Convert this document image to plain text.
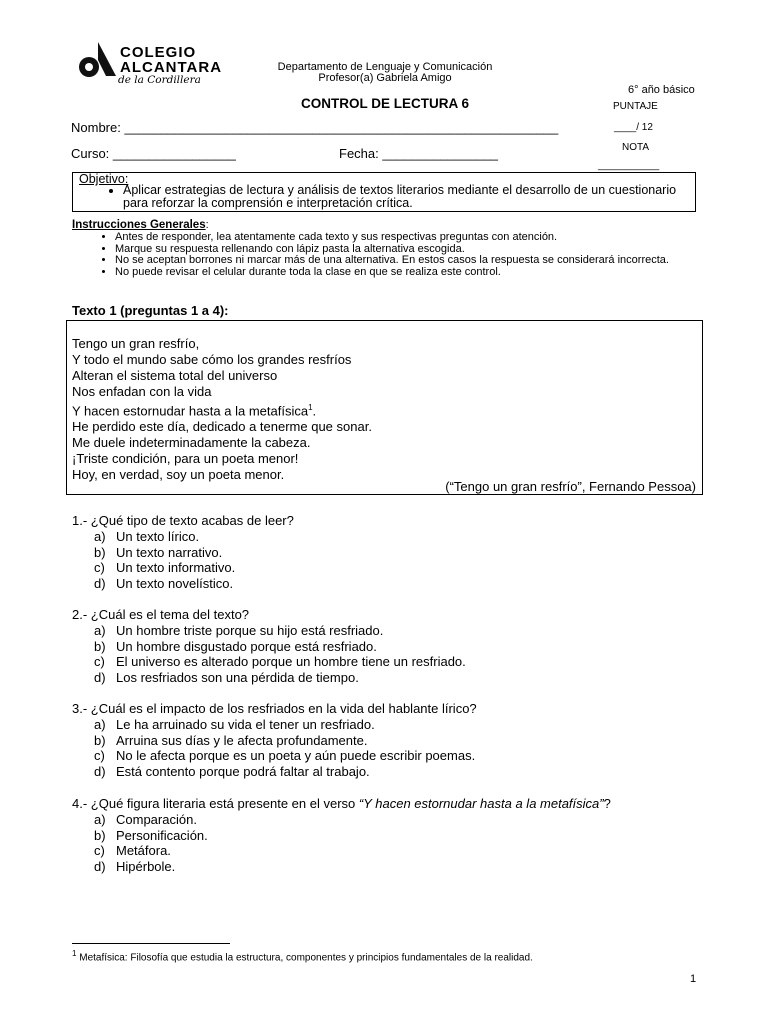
COLEGIO
ALCANTARA
de la Cordillera
Departamento de Lenguaje y Comunicación
Profesor(a) Gabriela Amigo
CONTROL DE LECTURA 6
6° año básico
PUNTAJE
____/ 12
NOTA
___________
Nombre: ____________________________________________________________
Curso: _________________	Fecha: ________________
Objetivo:
• Aplicar estrategias de lectura y análisis de textos literarios mediante el desarrollo de un cuestionario para reforzar la comprensión e interpretación crítica.
Instrucciones Generales:
• Antes de responder, lea atentamente cada texto y sus respectivas preguntas con atención.
• Marque su respuesta rellenando con lápiz pasta la alternativa escogida.
• No se aceptan borrones ni marcar más de una alternativa. En estos casos la respuesta se considerará incorrecta.
• No puede revisar el celular durante toda la clase en que se realiza este control.
Texto 1 (preguntas 1 a 4):
Tengo un gran resfrío,
Y todo el mundo sabe cómo los grandes resfríos
Alteran el sistema total del universo
Nos enfadan con la vida
Y hacen estornudar hasta a la metafísica$^1$.
He perdido este día, dedicado a tenerme que sonar.
Me duele indeterminadamente la cabeza.
¡Triste condición, para un poeta menor!
Hoy, en verdad, soy un poeta menor.
(“Tengo un gran resfrío”, Fernando Pessoa)
1.- ¿Qué tipo de texto acabas de leer?
a) Un texto lírico.
b) Un texto narrativo.
c) Un texto informativo.
d) Un texto novelístico.
2.- ¿Cuál es el tema del texto?
a) Un hombre triste porque su hijo está resfriado.
b) Un hombre disgustado porque está resfriado.
c) El universo es alterado porque un hombre tiene un resfriado.
d) Los resfriados son una pérdida de tiempo.
3.- ¿Cuál es el impacto de los resfriados en la vida del hablante lírico?
a) Le ha arruinado su vida el tener un resfriado.
b) Arruina sus días y le afecta profundamente.
c) No le afecta porque es un poeta y aún puede escribir poemas.
d) Está contento porque podrá faltar al trabajo.
4.- ¿Qué figura literaria está presente en el verso “Y hacen estornudar hasta a la metafísica”?
a) Comparación.
b) Personificación.
c) Metáfora.
d) Hipérbole.
$^1$ Metafísica: Filosofía que estudia la estructura, componentes y principios fundamentales de la realidad.
1
